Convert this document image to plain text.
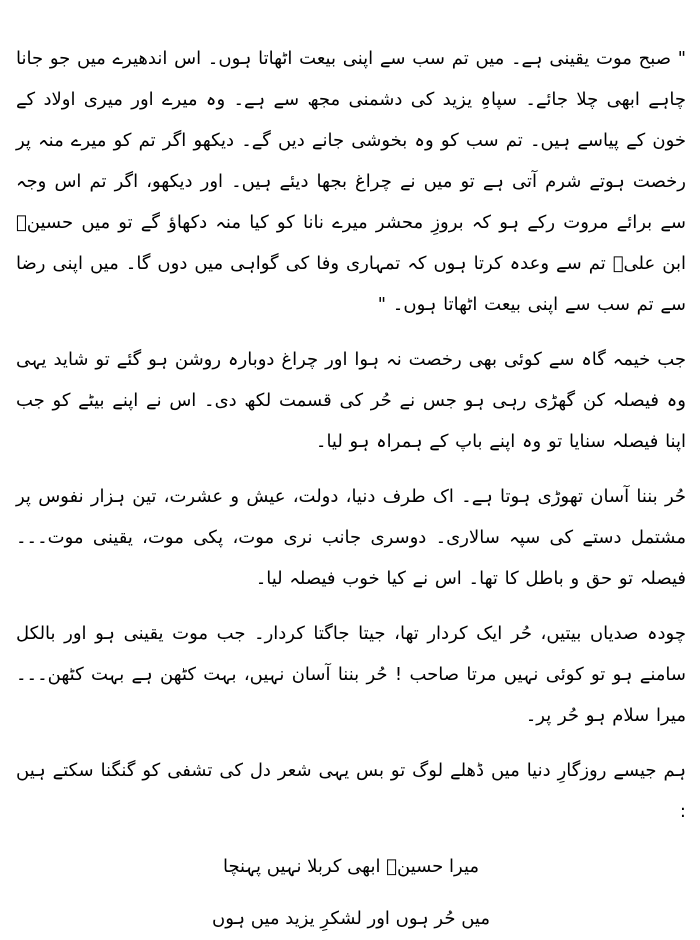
" صبح موت یقینی ہے۔ میں تم سب سے اپنی بیعت اٹھاتا ہوں۔ اس اندھیرے میں جو جانا چاہے ابھی چلا جائے۔ سپاہِ یزید کی دشمنی مجھ سے ہے۔ وہ میرے اور میری اولاد کے خون کے پیاسے ہیں۔ تم سب کو وہ بخوشی جانے دیں گے۔ دیکھو اگر تم کو میرے منہ پر رخصت ہوتے شرم آتی ہے تو میں نے چراغ بجھا دیئے ہیں۔ اور دیکھو، اگر تم اس وجہ سے برائے مروت رکے ہو کہ بروزِ محشر میرے نانا کو کیا منہ دکھاؤ گے تو میں حسینؑ ابن علیؑ تم سے وعدہ کرتا ہوں کہ تمہاری وفا کی گواہی میں دوں گا۔ میں اپنی رضا سے تم سب سے اپنی بیعت اٹھاتا ہوں۔ "

جب خیمہ گاہ سے کوئی بھی رخصت نہ ہوا اور چراغ دوبارہ روشن ہو گئے تو شاید یہی وہ فیصلہ کن گھڑی رہی ہو جس نے حُر کی قسمت لکھ دی۔ اس نے اپنے بیٹے کو جب اپنا فیصلہ سنایا تو وہ اپنے باپ کے ہمراہ ہو لیا۔

حُر بننا آسان تھوڑی ہوتا ہے۔ اک طرف دنیا، دولت، عیش و عشرت، تین ہزار نفوس پر مشتمل دستے کی سپہ سالاری۔ دوسری جانب نری موت، پکی موت، یقینی موت۔۔۔ فیصلہ تو حق و باطل کا تھا۔ اس نے کیا خوب فیصلہ لیا۔

چودہ صدیاں بیتیں، حُر ایک کردار تھا، جیتا جاگتا کردار۔ جب موت یقینی ہو اور بالکل سامنے ہو تو کوئی نہیں مرتا صاحب ! حُر بننا آسان نہیں، بہت کٹھن ہے بہت کٹھن۔۔۔ میرا سلام ہو حُر پر۔

ہم جیسے روزگارِ دنیا میں ڈھلے لوگ تو بس یہی شعر دل کی تشفی کو گنگنا سکتے ہیں :

میرا حسینؑ ابھی کربلا نہیں پہنچا

میں حُر ہوں اور لشکرِ یزید میں ہوں
